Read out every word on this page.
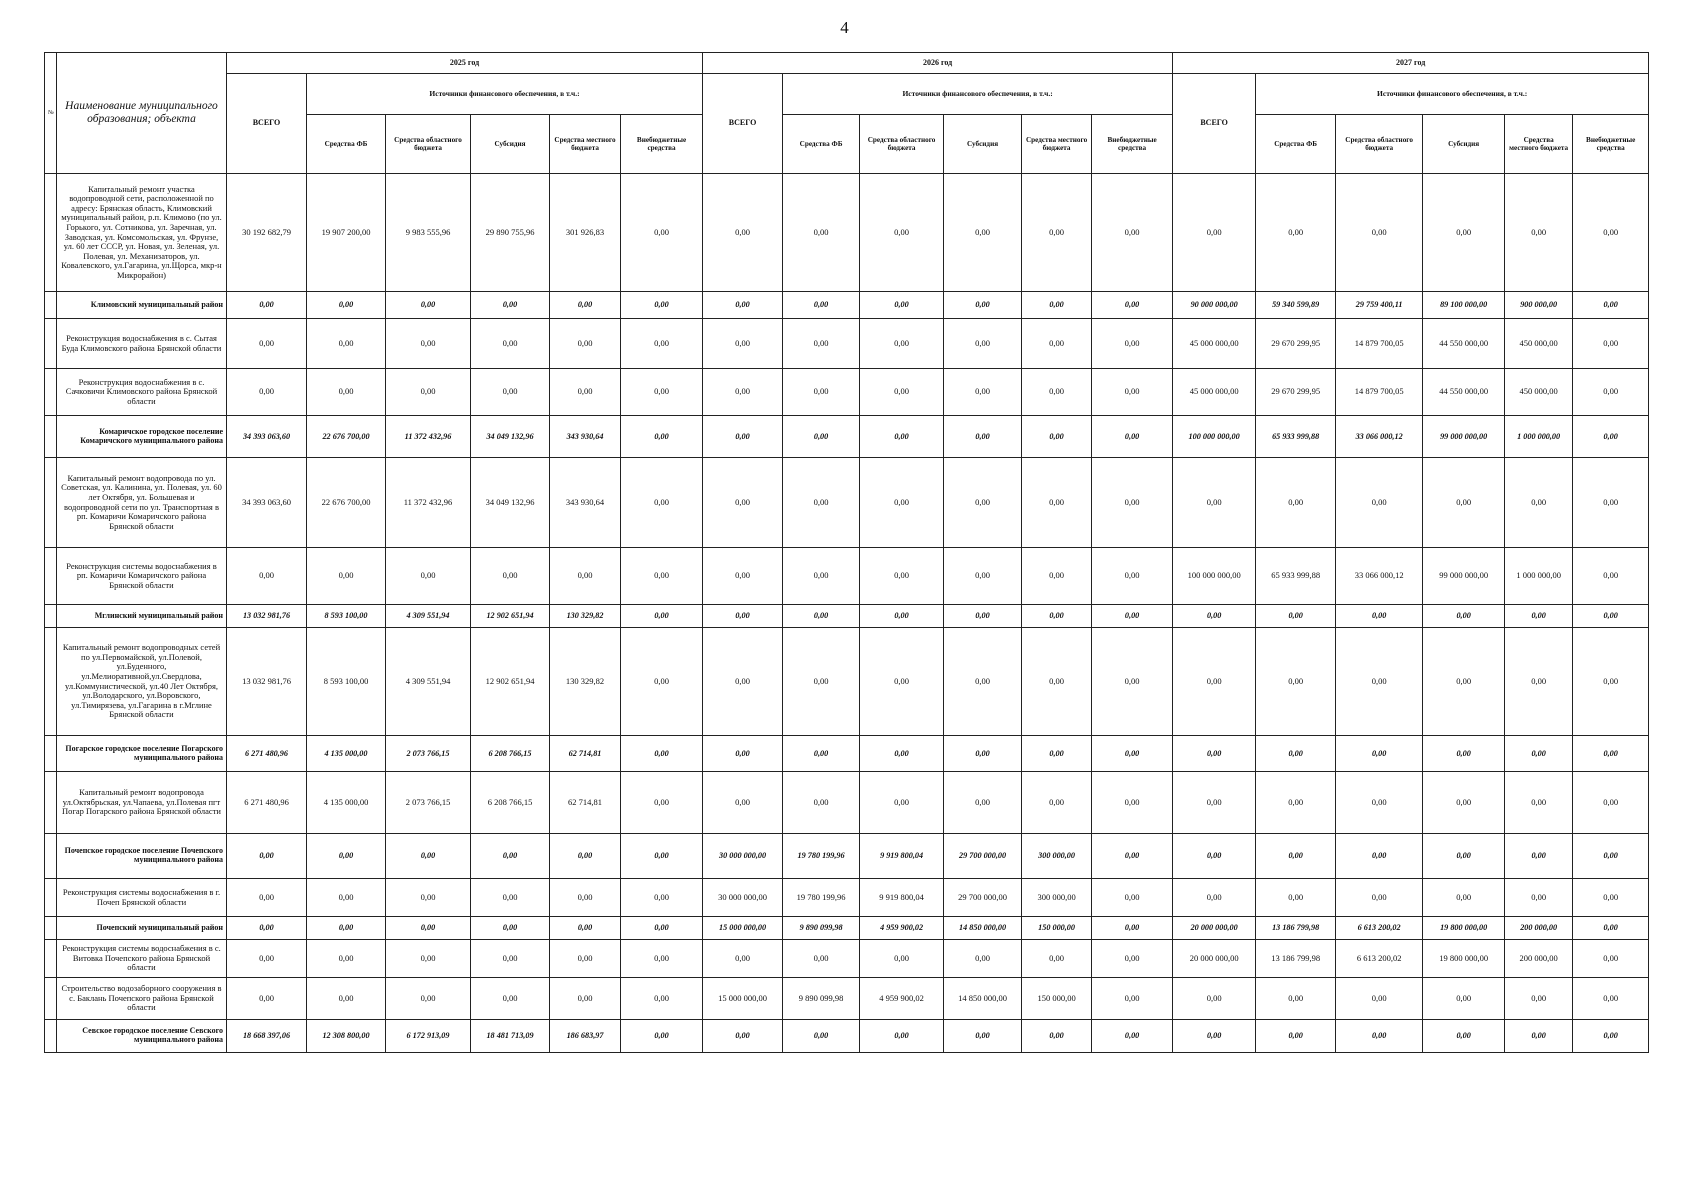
4
№	Наименование муниципального образования; объекта	2025 год						2026 год						2027 год					
		ВСЕГО	Источники финансового обеспечения, в т.ч.:					ВСЕГО	Источники финансового обеспечения, в т.ч.:					ВСЕГО	Источники финансового обеспечения, в т.ч.:				
			Средства ФБ	Средства областного бюджета	Субсидия	Средства местного бюджета	Внебюджетные средства		Средства ФБ	Средства областного бюджета	Субсидия	Средства местного бюджета	Внебюджетные средства		Средства ФБ	Средства областного бюджета	Субсидия	Средства местного бюджета	Внебюджетные средства
	Капитальный ремонт участка водопроводной сети, расположенной по адресу: Брянская область, Климовский муниципальный район, р.п. Климово (по ул. Горького, ул. Сотникова, ул. Заречная, ул. Заводская, ул. Комсомольская, ул. Фрунзе, ул. 60 лет СССР, ул. Новая, ул. Зеленая, ул. Полевая, ул. Механизаторов, ул. Ковалевского, ул.Гагарина, ул.Щорса, мкр-н Микрорайон)	30 192 682,79	19 907 200,00	9 983 555,96	29 890 755,96	301 926,83	0,00	0,00	0,00	0,00	0,00	0,00	0,00	0,00	0,00	0,00	0,00	0,00	0,00
	Климовский муниципальный район	0,00	0,00	0,00	0,00	0,00	0,00	0,00	0,00	0,00	0,00	0,00	0,00	90 000 000,00	59 340 599,89	29 759 400,11	89 100 000,00	900 000,00	0,00
	Реконструкция водоснабжения в с. Сытая Буда Климовского района Брянской области	0,00	0,00	0,00	0,00	0,00	0,00	0,00	0,00	0,00	0,00	0,00	0,00	45 000 000,00	29 670 299,95	14 879 700,05	44 550 000,00	450 000,00	0,00
	Реконструкция водоснабжения в с. Сачковичи Климовского района Брянской области	0,00	0,00	0,00	0,00	0,00	0,00	0,00	0,00	0,00	0,00	0,00	0,00	45 000 000,00	29 670 299,95	14 879 700,05	44 550 000,00	450 000,00	0,00
	Комаричское городское поселение Комаричского муниципального района	34 393 063,60	22 676 700,00	11 372 432,96	34 049 132,96	343 930,64	0,00	0,00	0,00	0,00	0,00	0,00	0,00	100 000 000,00	65 933 999,88	33 066 000,12	99 000 000,00	1 000 000,00	0,00
	Капитальный ремонт водопровода по ул. Советская, ул. Калинина, ул. Полевая, ул. 60 лет Октября, ул. Большевая и водопроводной сети по ул. Транспортная в рп. Комаричи Комаричского района Брянской области	34 393 063,60	22 676 700,00	11 372 432,96	34 049 132,96	343 930,64	0,00	0,00	0,00	0,00	0,00	0,00	0,00	0,00	0,00	0,00	0,00	0,00	0,00
	Реконструкция системы водоснабжения в рп. Комаричи Комаричского района Брянской области	0,00	0,00	0,00	0,00	0,00	0,00	0,00	0,00	0,00	0,00	0,00	0,00	100 000 000,00	65 933 999,88	33 066 000,12	99 000 000,00	1 000 000,00	0,00
	Мглинский муниципальный район	13 032 981,76	8 593 100,00	4 309 551,94	12 902 651,94	130 329,82	0,00	0,00	0,00	0,00	0,00	0,00	0,00	0,00	0,00	0,00	0,00	0,00	0,00
	Капитальный ремонт водопроводных сетей по ул.Первомайской, ул.Полевой, ул.Буденного, ул.Мелиоративной,ул.Свердлова, ул.Коммунистической, ул.40 Лет Октября, ул.Володарского, ул.Воровского, ул.Тимирязева, ул.Гагарина в г.Мглине Брянской области	13 032 981,76	8 593 100,00	4 309 551,94	12 902 651,94	130 329,82	0,00	0,00	0,00	0,00	0,00	0,00	0,00	0,00	0,00	0,00	0,00	0,00	0,00
	Погарское городское поселение Погарского муниципального района	6 271 480,96	4 135 000,00	2 073 766,15	6 208 766,15	62 714,81	0,00	0,00	0,00	0,00	0,00	0,00	0,00	0,00	0,00	0,00	0,00	0,00	0,00
	Капитальный ремонт водопровода ул.Октябрьская, ул.Чапаева, ул.Полевая пгт Погар Погарского района Брянской области	6 271 480,96	4 135 000,00	2 073 766,15	6 208 766,15	62 714,81	0,00	0,00	0,00	0,00	0,00	0,00	0,00	0,00	0,00	0,00	0,00	0,00	0,00
	Почепское городское поселение Почепского муниципального района	0,00	0,00	0,00	0,00	0,00	0,00	30 000 000,00	19 780 199,96	9 919 800,04	29 700 000,00	300 000,00	0,00	0,00	0,00	0,00	0,00	0,00	0,00
	Реконструкция системы водоснабжения в г. Почеп Брянской области	0,00	0,00	0,00	0,00	0,00	0,00	30 000 000,00	19 780 199,96	9 919 800,04	29 700 000,00	300 000,00	0,00	0,00	0,00	0,00	0,00	0,00	0,00
	Почепский муниципальный район	0,00	0,00	0,00	0,00	0,00	0,00	15 000 000,00	9 890 099,98	4 959 900,02	14 850 000,00	150 000,00	0,00	20 000 000,00	13 186 799,98	6 613 200,02	19 800 000,00	200 000,00	0,00
	Реконструкция системы водоснабжения в с. Витовка Почепского района Брянской области	0,00	0,00	0,00	0,00	0,00	0,00	0,00	0,00	0,00	0,00	0,00	0,00	20 000 000,00	13 186 799,98	6 613 200,02	19 800 000,00	200 000,00	0,00
	Строительство водозаборного сооружения в с. Баклань Почепского района Брянской области	0,00	0,00	0,00	0,00	0,00	0,00	15 000 000,00	9 890 099,98	4 959 900,02	14 850 000,00	150 000,00	0,00	0,00	0,00	0,00	0,00	0,00	0,00
	Севское городское поселение Севского муниципального района	18 668 397,06	12 308 800,00	6 172 913,09	18 481 713,09	186 683,97	0,00	0,00	0,00	0,00	0,00	0,00	0,00	0,00	0,00	0,00	0,00	0,00	0,00
